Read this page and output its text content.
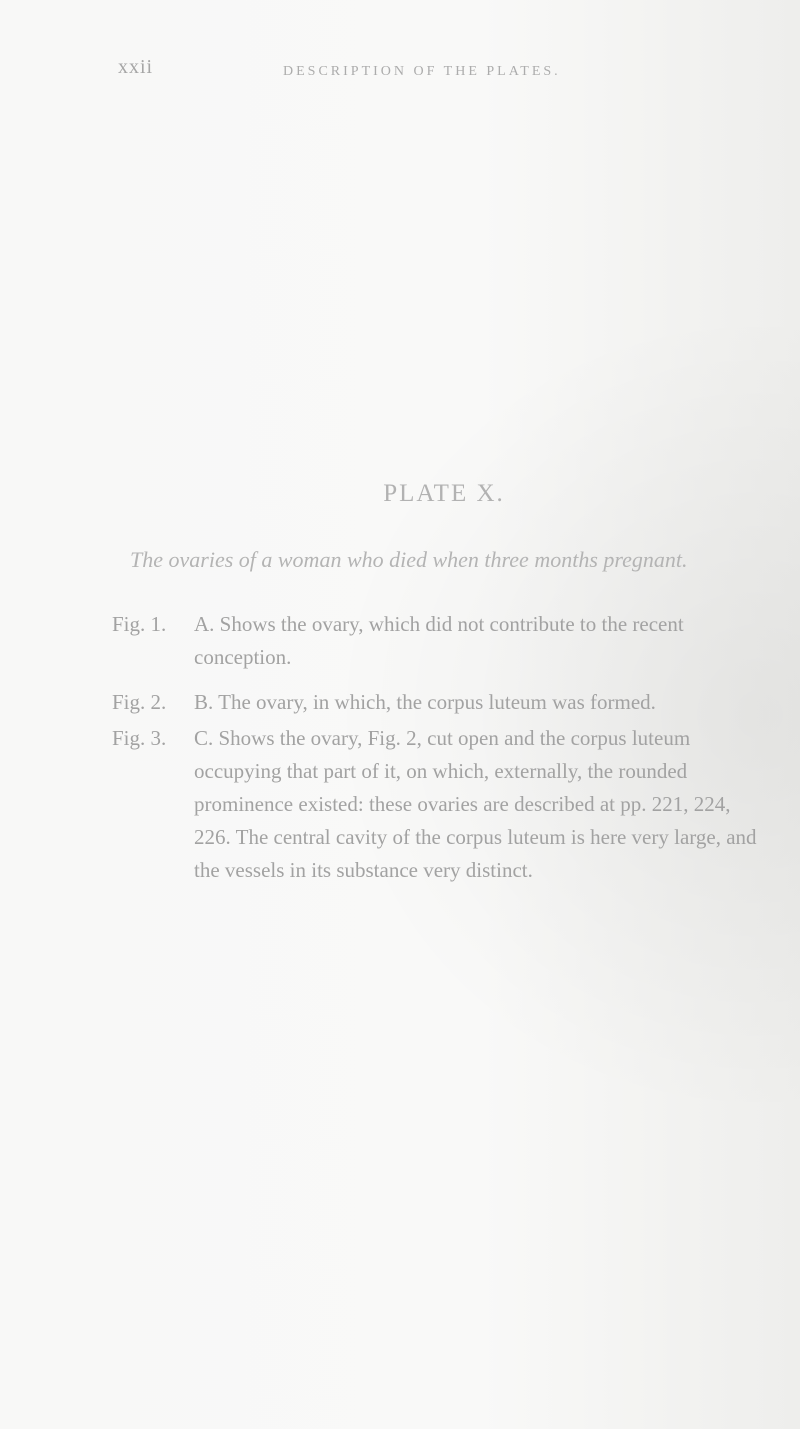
xxii	DESCRIPTION OF THE PLATES.
PLATE X.
The ovaries of a woman who died when three months pregnant.
Fig. 1. A. Shows the ovary, which did not contribute to the recent conception.
Fig. 2. B. The ovary, in which, the corpus luteum was formed.
Fig. 3. C. Shows the ovary, Fig. 2, cut open and the corpus luteum occupying that part of it, on which, externally, the rounded prominence existed: these ovaries are described at pp. 221, 224, 226. The central cavity of the corpus luteum is here very large, and the vessels in its substance very distinct.
